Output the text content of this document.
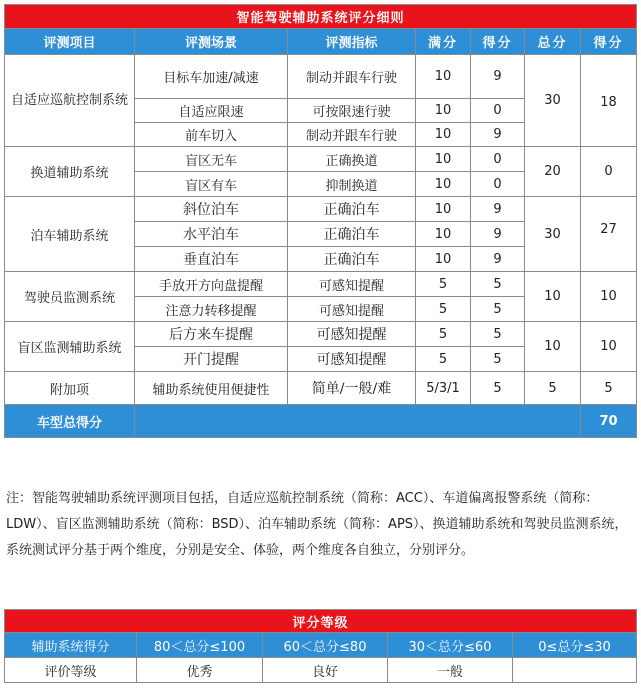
智能驾驶辅助系统评分细则						
评测项目	评测场景	评测指标	满分	得分	总分	得分
自适应巡航控制系统	目标车加速/减速	制动并跟车行驶	10	9	30	18
	自适应限速	可按限速行驶	10	0		
	前车切入	制动并跟车行驶	10	9		
换道辅助系统	盲区无车	正确换道	10	0	20	0
	盲区有车	抑制换道	10	0		
泊车辅助系统	斜位泊车	正确泊车	10	9	30	27
	水平泊车	正确泊车	10	9		
	垂直泊车	正确泊车	10	9		
驾驶员监测系统	手放开方向盘提醒	可感知提醒	5	5	10	10
	注意力转移提醒	可感知提醒	5	5		
盲区监测辅助系统	后方来车提醒	可感知提醒	5	5	10	10
	开门提醒	可感知提醒	5	5		
附加项	辅助系统使用便捷性	简单/一般/难	5/3/1	5	5	5
车型总得分						70

注：智能驾驶辅助系统评测项目包括，自适应巡航控制系统（简称：ACC）、车道偏离报警系统（简称：LDW）、盲区监测辅助系统（简称：BSD）、泊车辅助系统（简称：APS）、换道辅助系统和驾驶员监测系统，系统测试评分基于两个维度，分别是安全、体验，两个维度各自独立，分别评分。

评分等级				
辅助系统得分	80＜总分≤100	60＜总分≤80	30＜总分≤60	0≤总分≤30
评价等级	优秀	良好	一般	
